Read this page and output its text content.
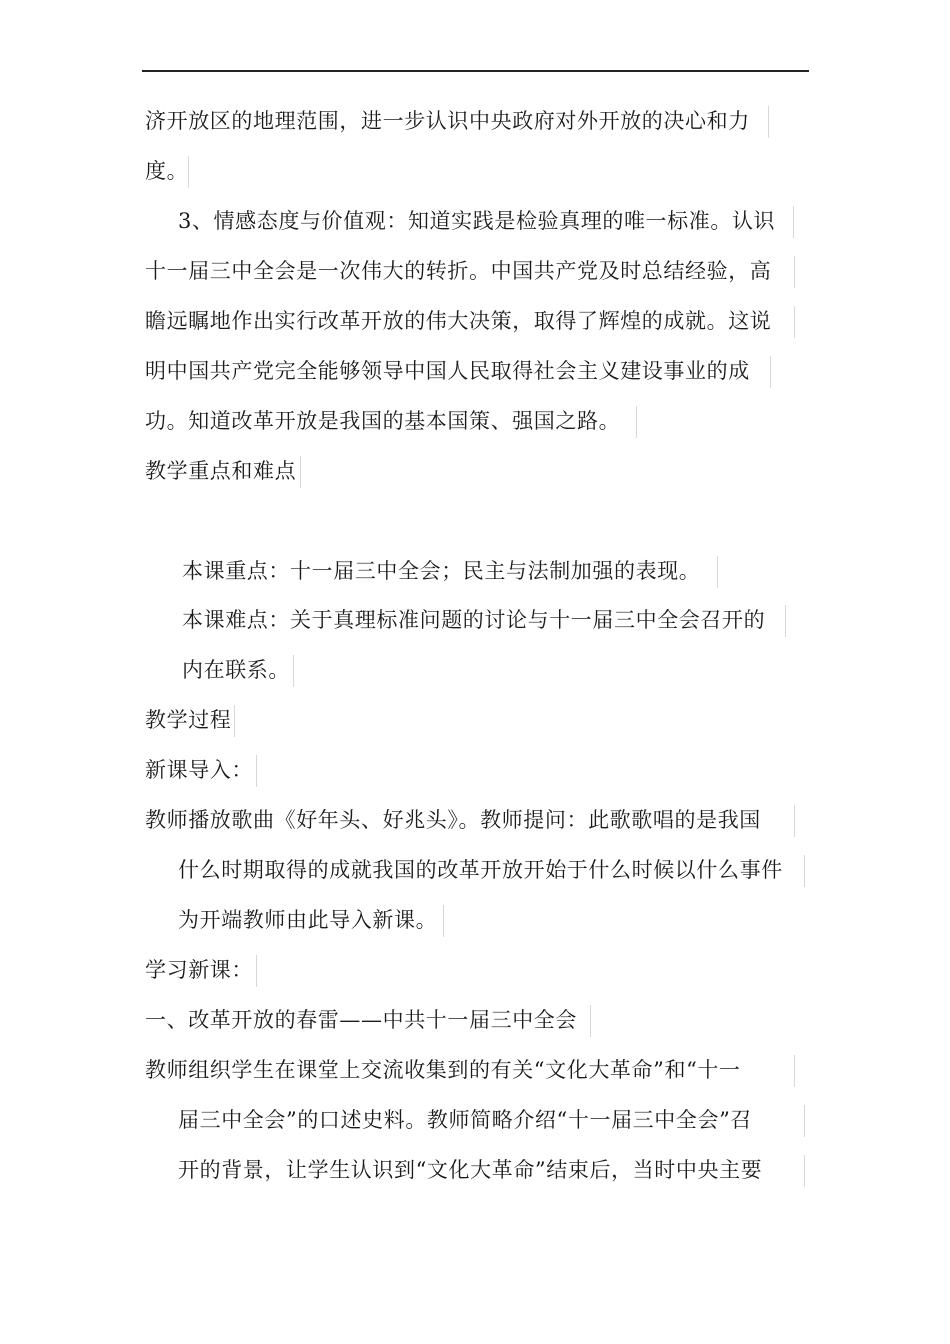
济开放区的地理范围，进一步认识中央政府对外开放的决心和力
度。
3、情感态度与价值观：知道实践是检验真理的唯一标准。认识
十一届三中全会是一次伟大的转折。中国共产党及时总结经验，高
瞻远瞩地作出实行改革开放的伟大决策，取得了辉煌的成就。这说
明中国共产党完全能够领导中国人民取得社会主义建设事业的成
功。知道改革开放是我国的基本国策、强国之路。
教学重点和难点
本课重点：十一届三中全会；民主与法制加强的表现。
本课难点：关于真理标准问题的讨论与十一届三中全会召开的
内在联系。
教学过程
新课导入：
教师播放歌曲《好年头、好兆头》。教师提问：此歌歌唱的是我国
什么时期取得的成就我国的改革开放开始于什么时候以什么事件
为开端教师由此导入新课。
学习新课：
一、改革开放的春雷——中共十一届三中全会
教师组织学生在课堂上交流收集到的有关“文化大革命”和“十一
届三中全会”的口述史料。教师简略介绍“十一届三中全会”召
开的背景，让学生认识到“文化大革命”结束后，当时中央主要
